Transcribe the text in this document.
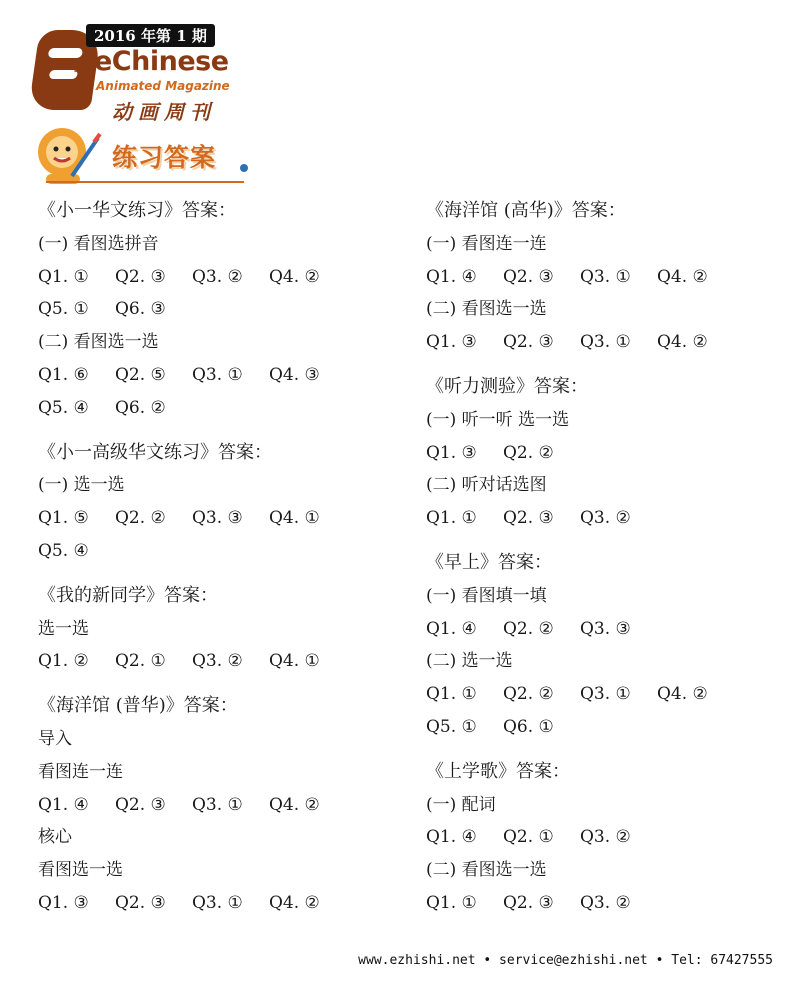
华
文
2016 年第 1 期
eChinese
Animated Magazine
动画周刊
练习答案
《小一华文练习》答案：
(一) 看图选拼音
Q1. ① Q2. ③ Q3. ② Q4. ②
Q5. ① Q6. ③
(二) 看图选一选
Q1. ⑥ Q2. ⑤ Q3. ① Q4. ③
Q5. ④ Q6. ②
《小一高级华文练习》答案：
(一) 选一选
Q1. ⑤ Q2. ② Q3. ③ Q4. ①
Q5. ④
《我的新同学》答案：
选一选
Q1. ② Q2. ① Q3. ② Q4. ①
《海洋馆 (普华)》答案：
导入
看图连一连
Q1. ④ Q2. ③ Q3. ① Q4. ②
核心
看图选一选
Q1. ③ Q2. ③ Q3. ① Q4. ②
《海洋馆 (高华)》答案：
(一) 看图连一连
Q1. ④ Q2. ③ Q3. ① Q4. ②
(二) 看图选一选
Q1. ③ Q2. ③ Q3. ① Q4. ②
《听力测验》答案：
(一) 听一听 选一选
Q1. ③ Q2. ②
(二) 听对话选图
Q1. ① Q2. ③ Q3. ②
《早上》答案：
(一) 看图填一填
Q1. ④ Q2. ② Q3. ③
(二) 选一选
Q1. ① Q2. ② Q3. ① Q4. ②
Q5. ① Q6. ①
《上学歌》答案：
(一) 配词
Q1. ④ Q2. ① Q3. ②
(二) 看图选一选
Q1. ① Q2. ③ Q3. ②
www.ezhishi.net • service@ezhishi.net • Tel: 67427555
